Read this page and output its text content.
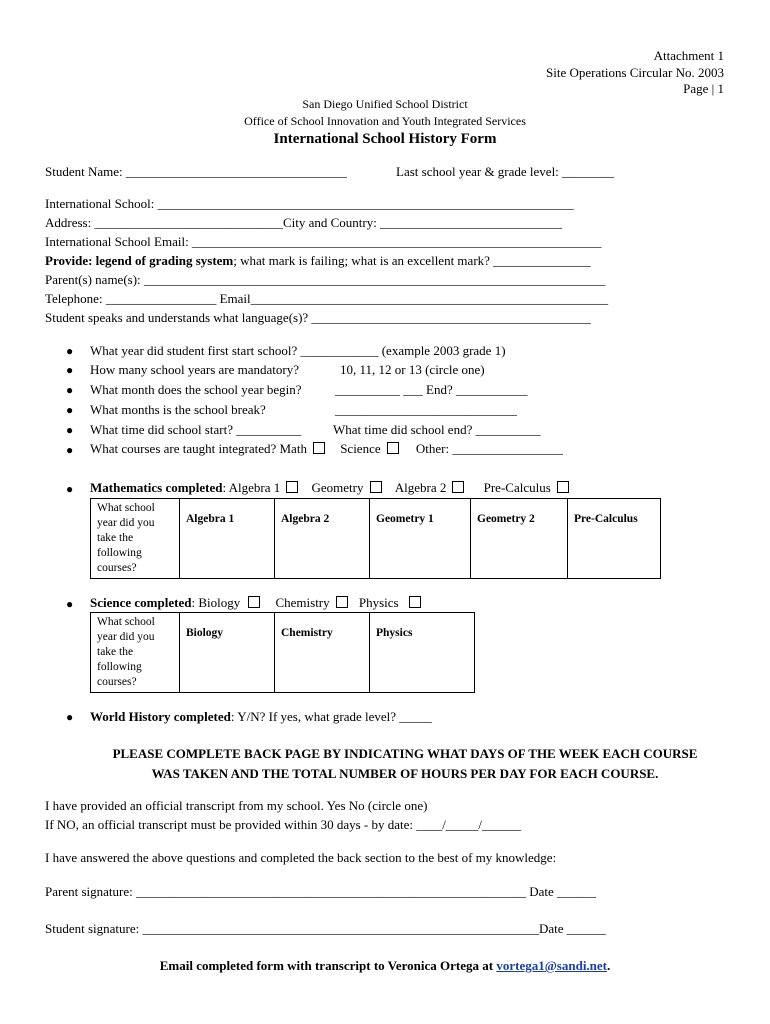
Attachment 1
Site Operations Circular No. 2003
Page | 1
San Diego Unified School District
Office of School Innovation and Youth Integrated Services
International School History Form
Student Name: __________________________________	Last school year & grade level: ________
International School: ________________________________________________________________
Address: _____________________________City and Country: ____________________________
International School Email: _______________________________________________________________
Provide: legend of grading system; what mark is failing; what is an excellent mark? _______________
Parent(s) name(s): _______________________________________________________________________
Telephone: _________________ Email_______________________________________________________
Student speaks and understands what language(s)? ___________________________________________
● What year did student first start school? ____________ (example 2003 grade 1)
● How many school years are mandatory?	10, 11, 12 or 13 (circle one)
● What month does the school year begin?	__________ ___ End? ___________
● What months is the school break?	____________________________
● What time did school start? __________ What time did school end? __________
● What courses are taught integrated? Math	Science	Other: _________________
● Mathematics completed: Algebra 1 Geometry Algebra 2	Pre-Calculus
What school year did you take the following courses?	Algebra 1	Algebra 2	Geometry 1	Geometry 2	Pre-Calculus
● Science completed: Biology	Chemistry Physics
What school year did you take the following courses?	Biology	Chemistry	Physics
● World History completed: Y/N? If yes, what grade level? _____
PLEASE COMPLETE BACK PAGE BY INDICATING WHAT DAYS OF THE WEEK EACH COURSE
WAS TAKEN AND THE TOTAL NUMBER OF HOURS PER DAY FOR EACH COURSE.
I have provided an official transcript from my school. Yes No (circle one)
If NO, an official transcript must be provided within 30 days - by date: ____/_____/______
I have answered the above questions and completed the back section to the best of my knowledge:
Parent signature: ____________________________________________________________ Date ______
Student signature: _____________________________________________________________Date ______
Email completed form with transcript to Veronica Ortega at vortega1@sandi.net.
